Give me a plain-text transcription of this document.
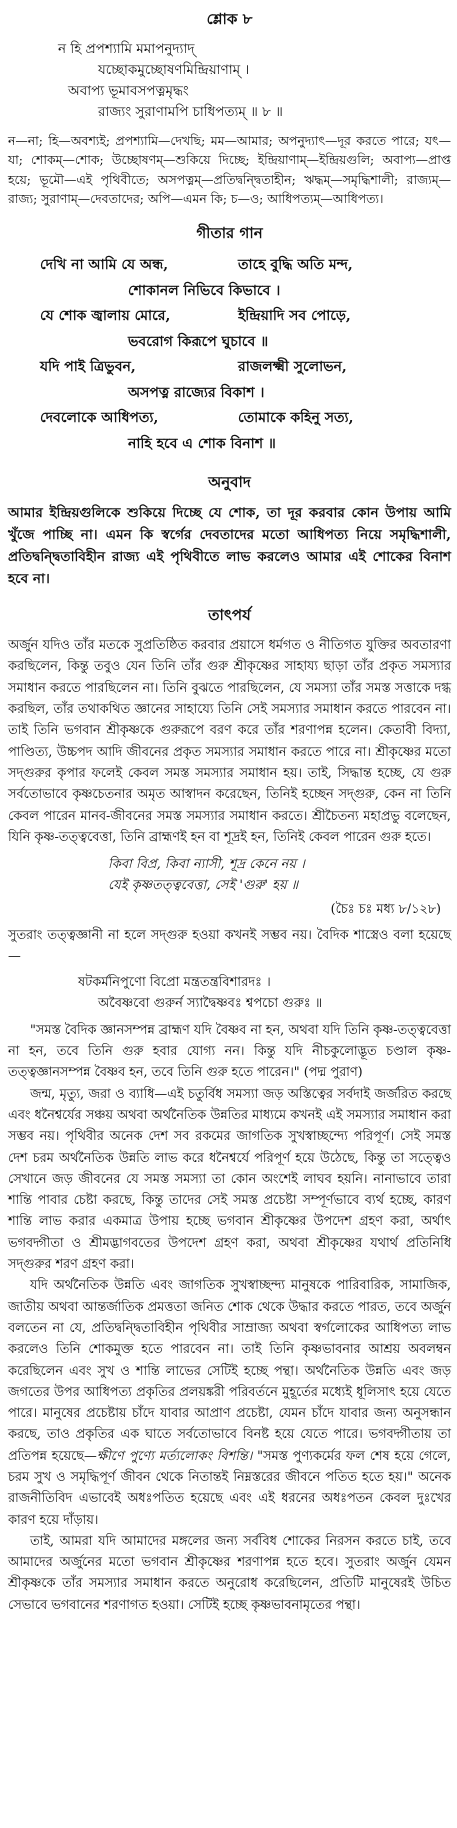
শ্লোক ৮
ন হি প্রপশ্যামি মমাপনুদ্যাদ্‌
যচ্ছোকমুচ্ছোষণমিন্দ্রিয়াণাম্‌ ।
অবাপ্য ভূমাবসপত্নমৃদ্ধং
রাজ্যং সুরাণামপি চাধিপত্যম্‌ ॥ ৮ ॥
ন—না; হি—অবশ্যই; প্রপশ্যামি—দেখছি; মম—আমার; অপনুদ্যাৎ—দূর করতে পারে; যৎ—যা; শোকম্‌—শোক; উচ্ছোষণম্‌—শুকিয়ে দিচ্ছে; ইন্দ্রিয়াণাম্‌—ইন্দ্রিয়গুলি; অবাপ্য—প্রাপ্ত হয়ে; ভূমৌ—এই পৃথিবীতে; অসপত্নম্‌—প্রতিদ্বন্দ্বিতাহীন; ঋদ্ধম্‌—সমৃদ্ধিশালী; রাজ্যম্‌—রাজ্য; সুরাণাম্‌—দেবতাদের; অপি—এমন কি; চ—ও; আধিপত্যম্‌—আধিপত্য।
গীতার গান
দেখি না আমি যে অন্ধ,	তাহে বুদ্ধি অতি মন্দ,
শোকানল নিভিবে কিভাবে ।
যে শোক জ্বালায় মোরে,	ইন্দ্রিয়াদি সব পোড়ে,
ভবরোগ কিরূপে ঘুচাবে ॥
যদি পাই ত্রিভুবন,	রাজলক্ষ্মী সুলোভন,
অসপত্ন রাজ্যের বিকাশ ।
দেবলোকে আধিপত্য,	তোমাকে কহিনু সত্য,
নাহি হবে এ শোক বিনাশ ॥
অনুবাদ
আমার ইন্দ্রিয়গুলিকে শুকিয়ে দিচ্ছে যে শোক, তা দূর করবার কোন উপায় আমি খুঁজে পাচ্ছি না। এমন কি স্বর্গের দেবতাদের মতো আধিপত্য নিয়ে সমৃদ্ধিশালী, প্রতিদ্বন্দ্বিতাবিহীন রাজ্য এই পৃথিবীতে লাভ করলেও আমার এই শোকের বিনাশ হবে না।
তাৎপর্য

অর্জুন যদিও তাঁর মতকে সুপ্রতিষ্ঠিত করবার প্রয়াসে ধর্মগত ও নীতিগত যুক্তির অবতারণা করছিলেন, কিন্তু তবুও যেন তিনি তাঁর গুরু শ্রীকৃষ্ণের সাহায্য ছাড়া তাঁর প্রকৃত সমস্যার সমাধান করতে পারছিলেন না। তিনি বুঝতে পারছিলেন, যে সমস্যা তাঁর সমস্ত সত্তাকে দগ্ধ করছিল, তাঁর তথাকথিত জ্ঞানের সাহায্যে তিনি সেই সমস্যার সমাধান করতে পারবেন না। তাই তিনি ভগবান শ্রীকৃষ্ণকে গুরুরূপে বরণ করে তাঁর শরণাপন্ন হলেন। কেতাবী বিদ্যা, পাণ্ডিত্য, উচ্চপদ আদি জীবনের প্রকৃত সমস্যার সমাধান করতে পারে না। শ্রীকৃষ্ণের মতো সদ্‌গুরুর কৃপার ফলেই কেবল সমস্ত সমস্যার সমাধান হয়। তাই, সিদ্ধান্ত হচ্ছে, যে গুরু সর্বতোভাবে কৃষ্ণচেতনার অমৃত আস্বাদন করেছেন, তিনিই হচ্ছেন সদ্‌গুরু, কেন না তিনি কেবল পারেন মানব-জীবনের সমস্ত সমস্যার সমাধান করতে। শ্রীচৈতন্য মহাপ্রভু বলেছেন, যিনি কৃষ্ণ-তত্ত্ববেত্তা, তিনি ব্রাহ্মণই হন বা শূদ্রই হন, তিনিই কেবল পারেন গুরু হতে।

কিবা বিপ্র, কিবা ন্যাসী, শূদ্র কেনে নয় ।
যেই কৃষ্ণতত্ত্ববেত্তা, সেই 'গুরু' হয় ॥
(চৈঃ চঃ মধ্য ৮/১২৮)

সুতরাং তত্ত্বজ্ঞানী না হলে সদ্‌গুরু হওয়া কখনই সম্ভব নয়। বৈদিক শাস্ত্রেও বলা হয়েছে—

ষটকর্মনিপুণো বিপ্রো মন্ত্রতন্ত্রবিশারদঃ ।
অবৈষ্ণবো গুরুর্ন স্যাদ্বৈষ্ণবঃ শ্বপচো গুরুঃ ॥

"সমস্ত বৈদিক জ্ঞানসম্পন্ন ব্রাহ্মণ যদি বৈষ্ণব না হন, অথবা যদি তিনি কৃষ্ণ-তত্ত্ববেত্তা না হন, তবে তিনি গুরু হবার যোগ্য নন। কিন্তু যদি নীচকুলোদ্ভূত চণ্ডাল কৃষ্ণ-তত্ত্বজ্ঞানসম্পন্ন বৈষ্ণব হন, তবে তিনি গুরু হতে পারেন।" (পদ্ম পুরাণ)

জন্ম, মৃত্যু, জরা ও ব্যাধি—এই চতুর্বিধ সমস্যা জড় অস্তিত্বের সর্বদাই জর্জরিত করছে এবং ধনৈশ্বর্যের সঞ্চয় অথবা অর্থনৈতিক উন্নতির মাধ্যমে কখনই এই সমস্যার সমাধান করা সম্ভব নয়। পৃথিবীর অনেক দেশ সব রকমের জাগতিক সুখস্বাচ্ছন্দ্যে পরিপূর্ণ। সেই সমস্ত দেশ চরম অর্থনৈতিক উন্নতি লাভ করে ধনৈশ্বর্যে পরিপূর্ণ হয়ে উঠেছে, কিন্তু তা সত্ত্বেও সেখানে জড় জীবনের যে সমস্ত সমস্যা তা কোন অংশেই লাঘব হয়নি। নানাভাবে তারা শান্তি পাবার চেষ্টা করছে, কিন্তু তাদের সেই সমস্ত প্রচেষ্টা সম্পূর্ণভাবে ব্যর্থ হচ্ছে, কারণ শান্তি লাভ করার একমাত্র উপায় হচ্ছে ভগবান শ্রীকৃষ্ণের উপদেশ গ্রহণ করা, অর্থাৎ ভগবদ্গীতা ও শ্রীমদ্ভাগবতের উপদেশ গ্রহণ করা, অথবা শ্রীকৃষ্ণের যথার্থ প্রতিনিধি সদ্‌গুরুর শরণ গ্রহণ করা।

যদি অর্থনৈতিক উন্নতি এবং জাগতিক সুখস্বাচ্ছন্দ্য মানুষকে পারিবারিক, সামাজিক, জাতীয় অথবা আন্তর্জাতিক প্রমত্ততা জনিত শোক থেকে উদ্ধার করতে পারত, তবে অর্জুন বলতেন না যে, প্রতিদ্বন্দ্বিতাবিহীন পৃথিবীর সাম্রাজ্য অথবা স্বর্গলোকের আধিপত্য লাভ করলেও তিনি শোকমুক্ত হতে পারবেন না। তাই তিনি কৃষ্ণভাবনার আশ্রয় অবলম্বন করেছিলেন এবং সুখ ও শান্তি লাভের সেটিই হচ্ছে পন্থা। অর্থনৈতিক উন্নতি এবং জড় জগতের উপর আধিপত্য প্রকৃতির প্রলয়ঙ্করী পরিবর্তনে মুহূর্তের মধ্যেই ধূলিসাৎ হয়ে যেতে পারে। মানুষের প্রচেষ্টায় চাঁদে যাবার আপ্রাণ প্রচেষ্টা, যেমন চাঁদে যাবার জন্য অনুসন্ধান করছে, তাও প্রকৃতির এক ঘাতে সর্বতোভাবে বিনষ্ট হয়ে যেতে পারে। ভগবদ্গীতায় তা প্রতিপন্ন হয়েছে—ক্ষীণে পুণ্যে মর্ত্যলোকং বিশন্তি। "সমস্ত পুণ্যকর্মের ফল শেষ হয়ে গেলে, চরম সুখ ও সমৃদ্ধিপূর্ণ জীবন থেকে নিতান্তই নিম্নস্তরের জীবনে পতিত হতে হয়।" অনেক রাজনীতিবিদ এভাবেই অধঃপতিত হয়েছে এবং এই ধরনের অধঃপতন কেবল দুঃখের কারণ হয়ে দাঁড়ায়।

তাই, আমরা যদি আমাদের মঙ্গলের জন্য সর্ববিধ শোকের নিরসন করতে চাই, তবে আমাদের অর্জুনের মতো ভগবান শ্রীকৃষ্ণের শরণাপন্ন হতে হবে। সুতরাং অর্জুন যেমন শ্রীকৃষ্ণকে তাঁর সমস্যার সমাধান করতে অনুরোধ করেছিলেন, প্রতিটি মানুষেরই উচিত সেভাবে ভগবানের শরণাগত হওয়া। সেটিই হচ্ছে কৃষ্ণভাবনামৃতের পন্থা।
